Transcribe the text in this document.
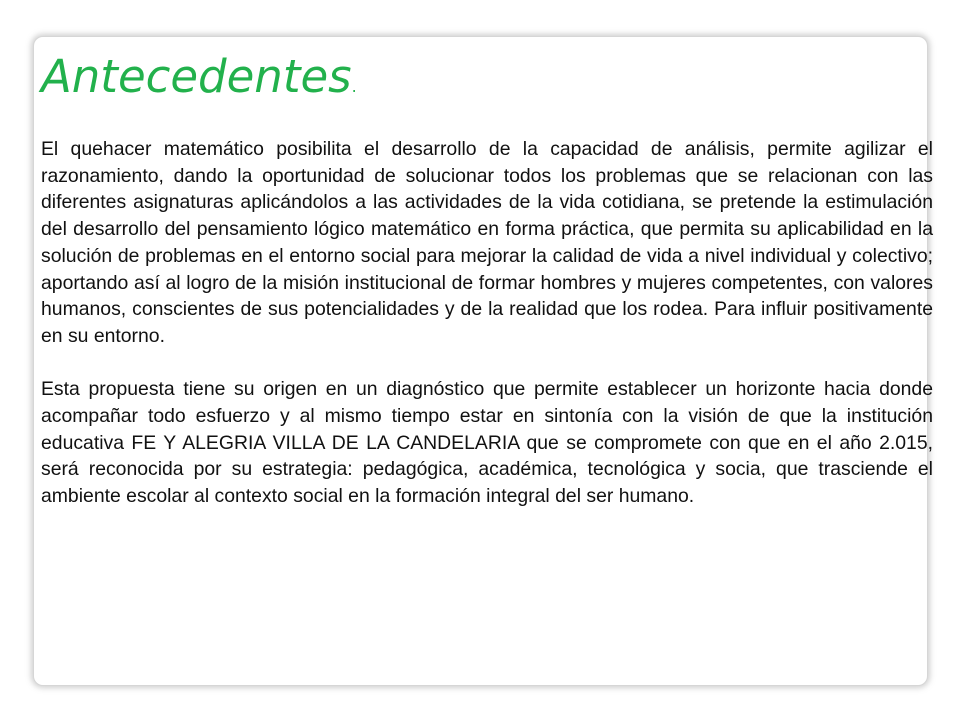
Antecedentes.

El quehacer matemático posibilita el desarrollo de la capacidad de análisis, permite agilizar el razonamiento, dando la oportunidad de solucionar todos los problemas que se relacionan con las diferentes asignaturas aplicándolos a las actividades de la vida cotidiana, se pretende la estimulación del desarrollo del pensamiento lógico matemático en forma práctica, que permita su aplicabilidad en la solución de problemas en el entorno social para mejorar la calidad de vida a nivel individual y colectivo; aportando así al logro de la misión institucional de formar hombres y mujeres competentes, con valores humanos, conscientes de sus potencialidades y de la realidad que los rodea. Para influir positivamente en su entorno.

Esta propuesta tiene su origen en un diagnóstico que permite establecer un horizonte hacia donde acompañar todo esfuerzo y al mismo tiempo estar en sintonía con la visión de que la institución educativa FE Y ALEGRIA VILLA DE LA CANDELARIA que se compromete con que en el año 2.015, será reconocida por su estrategia: pedagógica, académica, tecnológica y socia, que trasciende el ambiente escolar al contexto social en la formación integral del ser humano.
